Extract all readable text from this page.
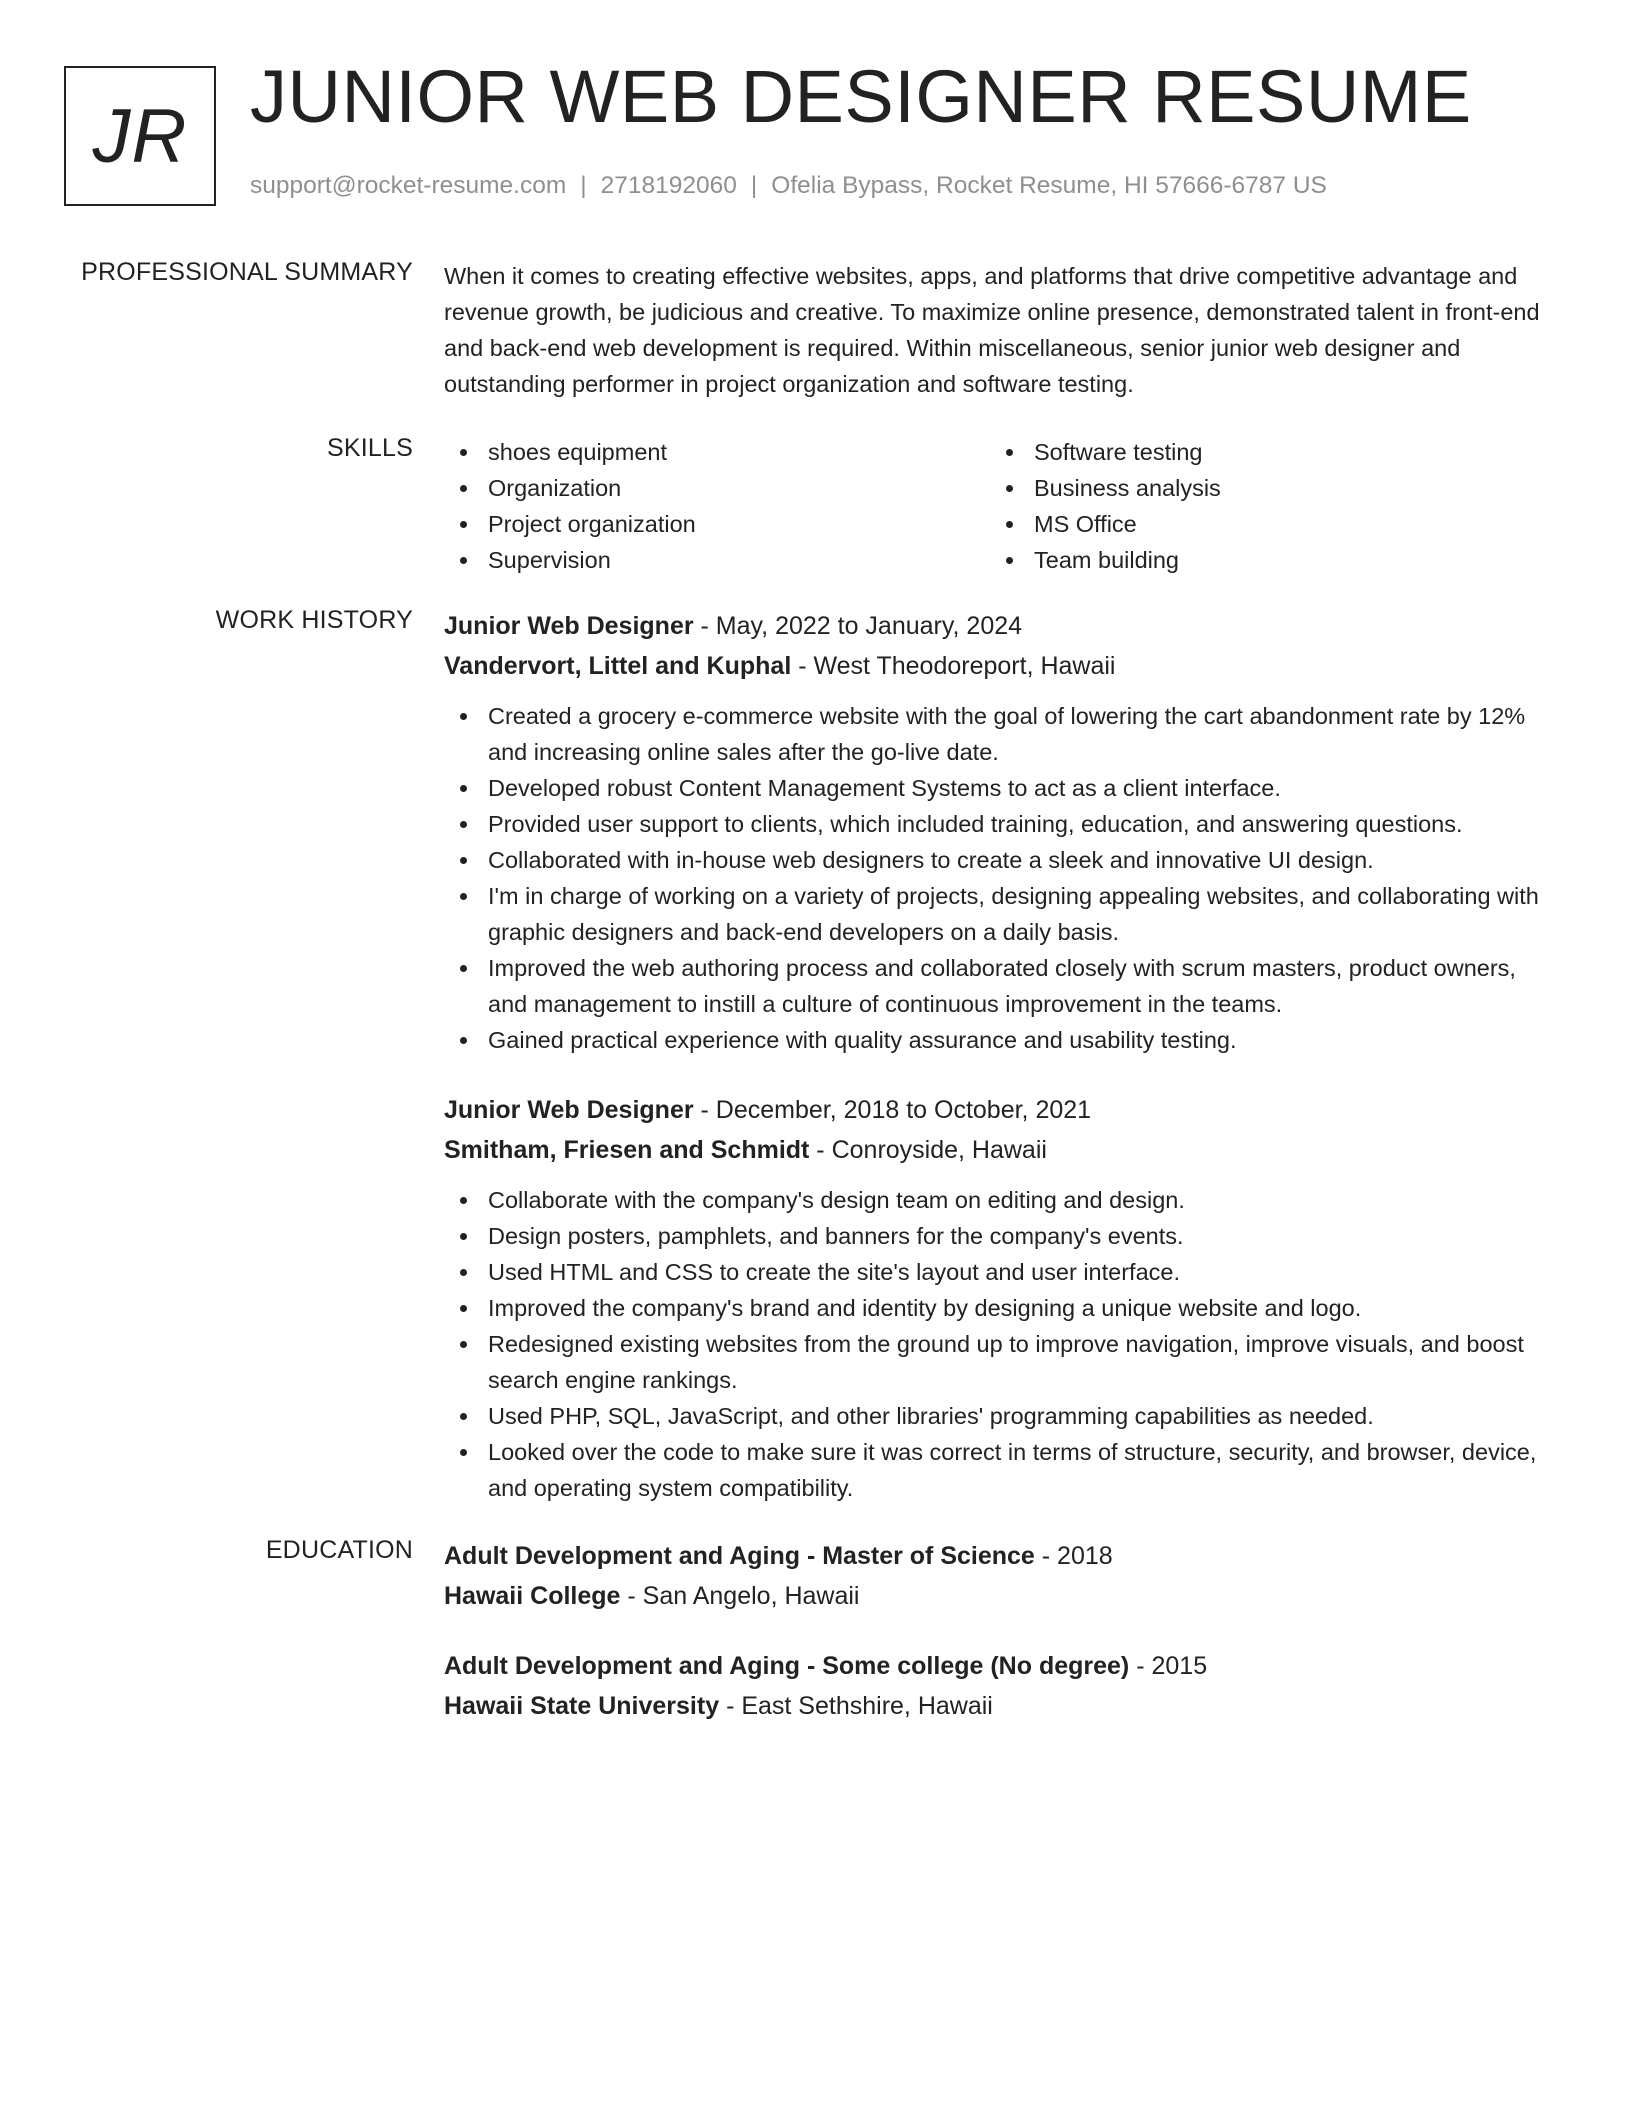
JR JUNIOR WEB DESIGNER RESUME
support@rocket-resume.com | 2718192060 | Ofelia Bypass, Rocket Resume, HI 57666-6787 US
PROFESSIONAL SUMMARY When it comes to creating effective websites, apps, and platforms that drive competitive advantage and revenue growth, be judicious and creative. To maximize online presence, demonstrated talent in front-end and back-end web development is required. Within miscellaneous, senior junior web designer and outstanding performer in project organization and software testing.

SKILLS	shoes equipment
Organization
Project organization
Supervision
Software testing
Business analysis
MS Office
Team building
WORK HISTORY Junior Web Designer - May, 2022 to January, 2024
Vandervort, Littel and Kuphal - West Theodoreport, Hawaii
Created a grocery e-commerce website with the goal of lowering the cart abandonment rate by 12% and increasing online sales after the go-live date.
Developed robust Content Management Systems to act as a client interface.
Provided user support to clients, which included training, education, and answering questions.
Collaborated with in-house web designers to create a sleek and innovative UI design.
I'm in charge of working on a variety of projects, designing appealing websites, and collaborating with graphic designers and back-end developers on a daily basis.
Improved the web authoring process and collaborated closely with scrum masters, product owners, and management to instill a culture of continuous improvement in the teams.
Gained practical experience with quality assurance and usability testing.
Junior Web Designer - December, 2018 to October, 2021
Smitham, Friesen and Schmidt - Conroyside, Hawaii
Collaborate with the company's design team on editing and design.
Design posters, pamphlets, and banners for the company's events.
Used HTML and CSS to create the site's layout and user interface.
Improved the company's brand and identity by designing a unique website and logo.
Redesigned existing websites from the ground up to improve navigation, improve visuals, and boost search engine rankings.
Used PHP, SQL, JavaScript, and other libraries' programming capabilities as needed.
Looked over the code to make sure it was correct in terms of structure, security, and browser, device, and operating system compatibility.
EDUCATION Adult Development and Aging - Master of Science - 2018
Hawaii College - San Angelo, Hawaii
Adult Development and Aging - Some college (No degree) - 2015
Hawaii State University - East Sethshire, Hawaii
